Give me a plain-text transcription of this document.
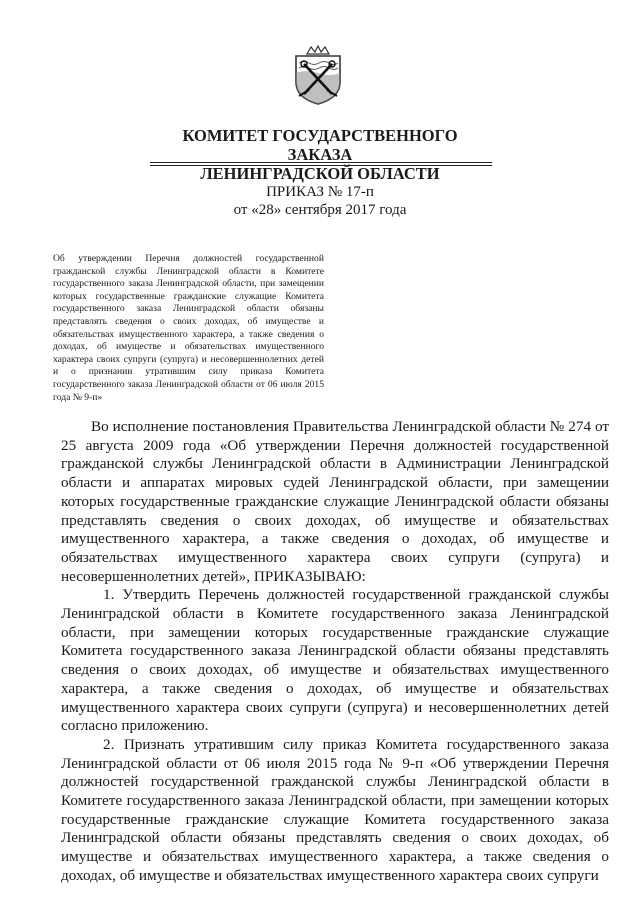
КОМИТЕТ ГОСУДАРСТВЕННОГО ЗАКАЗА
ЛЕНИНГРАДСКОЙ ОБЛАСТИ
ПРИКАЗ № 17-п
от «28» сентября 2017 года
Об утверждении Перечня должностей государственной гражданской службы Ленинградской области в Комитете государственного заказа Ленинградской области, при замещении которых государственные гражданские служащие Комитета государственного заказа Ленинградской области обязаны представлять сведения о своих доходах, об имуществе и обязательствах имущественного характера, а также сведения о доходах, об имуществе и обязательствах имущественного характера своих супруги (супруга) и несовершеннолетних детей и о признании утратившим силу приказа Комитета государственного заказа Ленинградской области от 06 июля 2015 года № 9-п»

Во исполнение постановления Правительства Ленинградской области № 274 от 25 августа 2009 года «Об утверждении Перечня должностей государственной гражданской службы Ленинградской области в Администрации Ленинградской области и аппаратах мировых судей Ленинградской области, при замещении которых государственные гражданские служащие Ленинградской области обязаны представлять сведения о своих доходах, об имуществе и обязательствах имущественного характера, а также сведения о доходах, об имуществе и обязательствах имущественного характера своих супруги (супруга) и несовершеннолетних детей», ПРИКАЗЫВАЮ:

1. Утвердить Перечень должностей государственной гражданской службы Ленинградской области в Комитете государственного заказа Ленинградской области, при замещении которых государственные гражданские служащие Комитета государственного заказа Ленинградской области обязаны представлять сведения о своих доходах, об имуществе и обязательствах имущественного характера, а также сведения о доходах, об имуществе и обязательствах имущественного характера своих супруги (супруга) и несовершеннолетних детей согласно приложению.

2. Признать утратившим силу приказ Комитета государственного заказа Ленинградской области от 06 июля 2015 года № 9-п «Об утверждении Перечня должностей государственной гражданской службы Ленинградской области в Комитете государственного заказа Ленинградской области, при замещении которых государственные гражданские служащие Комитета государственного заказа Ленинградской области обязаны представлять сведения о своих доходах, об имуществе и обязательствах имущественного характера, а также сведения о доходах, об имуществе и обязательствах имущественного характера своих супруги
